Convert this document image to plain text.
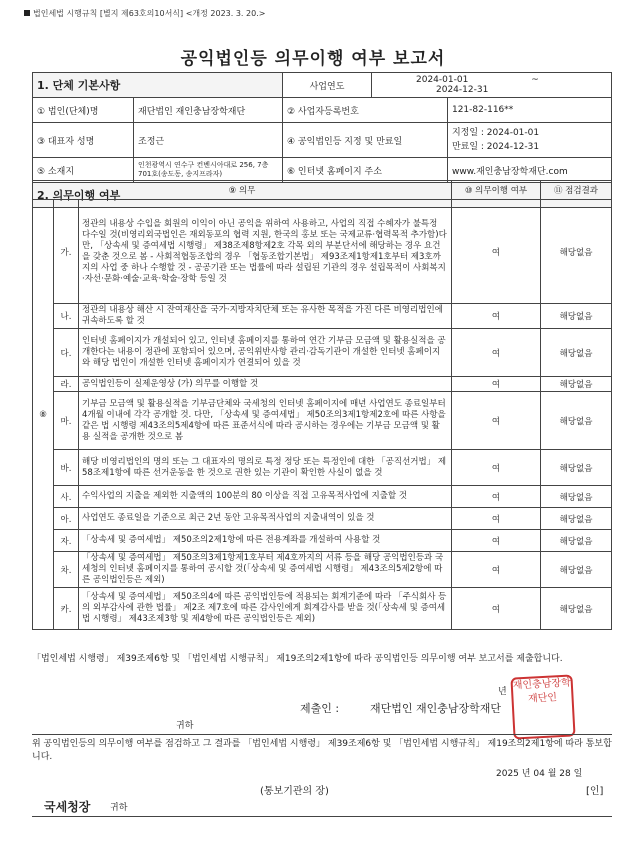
법인세법 시행규칙 [별지 제63호의10서식] <개정 2023. 3. 20.>
공익법인등 의무이행 여부 보고서
1. 단체 기본사항		사업연도	2024-01-01 ~ 2024-12-31	
① 법인(단체)명	재단법인 재인충남장학재단	② 사업자등록번호		121-82-116**
③ 대표자 성명	조정근	④ 공익법인등 지정 및 만료일		지정일 : 2024-01-01
만료일 : 2024-12-31

⑤ 소재지	인천광역시 연수구 컨벤시아대로 256, 7층 701호(송도동, 송지프라자)	⑥ 인터넷 홈페이지 주소		www.재인충남장학재단.com
2. 의무이행 여부					⑨ 의무			⑩ 의무이행 여부	⑪ 점검결과
⑧	가.	정관의 내용상 수입을 회원의 이익이 아닌 공익을 위하여 사용하고, 사업의 직접 수혜자가 불특정 다수일 것(비영리외국법인은 재외동포의 협력 지원, 한국의 홍보 또는 국제교류·협력목적 추가함)다만, 「상속세 및 증여세법 시행령」 제38조제8항제2호 각목 외의 부분단서에 해당하는 경우 요건을 갖춘 것으로 봄 - 사회적협동조합의 경우 「협동조합기본법」 제93조제1항제1호부터 제3호까지의 사업 중 하나 수행할 것 - 공공기관 또는 법률에 따라 설립된 기관의 경우 설립목적이 사회복지·자선·문화·예술·교육·학술·장학 등일 것	여	해당없음
	나.	정관의 내용상 해산 시 잔여재산을 국가·지방자치단체 또는 유사한 목적을 가진 다른 비영리법인에 귀속하도록 할 것	여	해당없음
	다.	인터넷 홈페이지가 개설되어 있고, 인터넷 홈페이지를 통하여 연간 기부금 모금액 및 활용실적을 공개한다는 내용이 정관에 포함되어 있으며, 공익위반사항 관리·감독기관이 개설한 인터넷 홈페이지와 해당 법인이 개설한 인터넷 홈페이지가 연결되어 있을 것	여	해당없음
	라.	공익법인등이 실제운영상 (가) 의무를 이행할 것	여	해당없음
	마.	기부금 모금액 및 활용실적을 기부금단체와 국세청의 인터넷 홈페이지에 매년 사업연도 종료일부터 4개월 이내에 각각 공개할 것. 다만, 「상속세 및 증여세법」 제50조의3제1항제2호에 따른 사항을 같은 법 시행령 제43조의5제4항에 따른 표준서식에 따라 공시하는 경우에는 기부금 모금액 및 활용 실적을 공개한 것으로 봄	여	해당없음
	바.	해당 비영리법인의 명의 또는 그 대표자의 명의로 특정 정당 또는 특정인에 대한 「공직선거법」 제58조제1항에 따른 선거운동을 한 것으로 권한 있는 기관이 확인한 사실이 없을 것	여	해당없음
	사.	수익사업의 지출을 제외한 지출액의 100분의 80 이상을 직접 고유목적사업에 지출할 것	여	해당없음
	아.	사업연도 종료일을 기준으로 최근 2년 동안 고유목적사업의 지출내역이 있을 것	여	해당없음
	자.	「상속세 및 증여세법」 제50조의2제1항에 따른 전용계좌를 개설하여 사용할 것	여	해당없음
	차.	「상속세 및 증여세법」 제50조의3제1항제1호부터 제4호까지의 서류 등을 해당 공익법인등과 국세청의 인터넷 홈페이지를 통하여 공시할 것(「상속세 및 증여세법 시행령」 제43조의5제2항에 따른 공익법인등은 제외)	여	해당없음
	카.	「상속세 및 증여세법」 제50조의4에 따른 공익법인등에 적용되는 회계기준에 따라 「주식회사 등의 외부감사에 관한 법률」 제2조 제7호에 따른 감사인에게 회계감사를 받을 것(「상속세 및 증여세법 시행령」 제43조제3항 및 제4항에 따른 공익법인등은 제외)	여	해당없음
「법인세법 시행령」 제39조제6항 및 「법인세법 시행규칙」 제19조의2제1항에 따라 공익법인등 의무이행 여부 보고서를 제출합니다.
년
제출인 :	재단법인 재인충남장학재단
재인충남장학재단인
귀하
위 공익법인등의 의무이행 여부를 점검하고 그 결과를 「법인세법 시행령」 제39조제6항 및 「법인세법 시행규칙」 제19조의2제1항에 따라 통보합니다.
2025 년 04 월 28 일
(통보기관의 장)	[인]
국세청장 귀하
